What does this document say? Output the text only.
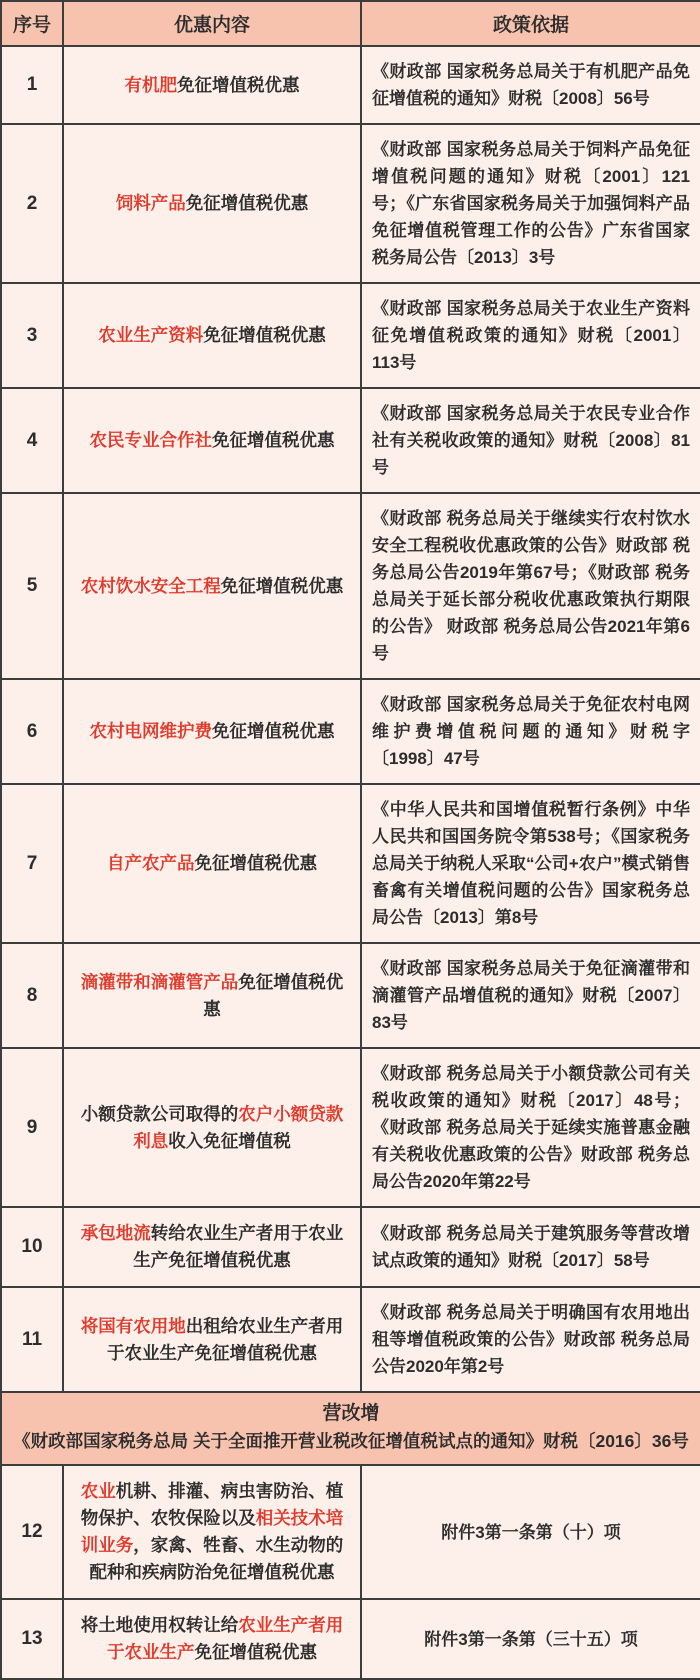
序号	优惠内容	政策依据
1	有机肥免征增值税优惠	《财政部 国家税务总局关于有机肥产品免征增值税的通知》财税〔2008〕56号
2	饲料产品免征增值税优惠	《财政部 国家税务总局关于饲料产品免征增值税问题的通知》财税〔2001〕121号；《广东省国家税务局关于加强饲料产品免征增值税管理工作的公告》广东省国家税务局公告〔2013〕3号
3	农业生产资料免征增值税优惠	《财政部 国家税务总局关于农业生产资料征免增值税政策的通知》财税〔2001〕113号
4	农民专业合作社免征增值税优惠	《财政部 国家税务总局关于农民专业合作社有关税收政策的通知》财税〔2008〕81号
5	农村饮水安全工程免征增值税优惠	《财政部 税务总局关于继续实行农村饮水安全工程税收优惠政策的公告》财政部 税务总局公告2019年第67号；《财政部 税务总局关于延长部分税收优惠政策执行期限的公告》 财政部 税务总局公告2021年第6号
6	农村电网维护费免征增值税优惠	《财政部 国家税务总局关于免征农村电网维护费增值税问题的通知》财税字〔1998〕47号
7	自产农产品免征增值税优惠	《中华人民共和国增值税暂行条例》中华人民共和国国务院令第538号；《国家税务总局关于纳税人采取“公司+农户”模式销售畜禽有关增值税问题的公告》国家税务总局公告〔2013〕第8号
8	滴灌带和滴灌管产品免征增值税优惠	《财政部 国家税务总局关于免征滴灌带和滴灌管产品增值税的通知》财税〔2007〕83号
9	小额贷款公司取得的农户小额贷款利息收入免征增值税	《财政部 税务总局关于小额贷款公司有关税收政策的通知》财税〔2017〕48号；《财政部 税务总局关于延续实施普惠金融有关税收优惠政策的公告》财政部 税务总局公告2020年第22号
10	承包地流转给农业生产者用于农业生产免征增值税优惠	《财政部 税务总局关于建筑服务等营改增试点政策的通知》财税〔2017〕58号
11	将国有农用地出租给农业生产者用于农业生产免征增值税优惠	《财政部 税务总局关于明确国有农用地出租等增值税政策的公告》财政部 税务总局公告2020年第2号

营改增
《财政部国家税务总局 关于全面推开营业税改征增值税试点的通知》财税〔2016〕36号		

12	农业机耕、排灌、病虫害防治、植物保护、农牧保险以及相关技术培训业务，家禽、牲畜、水生动物的配种和疾病防治免征增值税优惠	附件3第一条第（十）项
13	将土地使用权转让给农业生产者用于农业生产免征增值税优惠	附件3第一条第（三十五）项
